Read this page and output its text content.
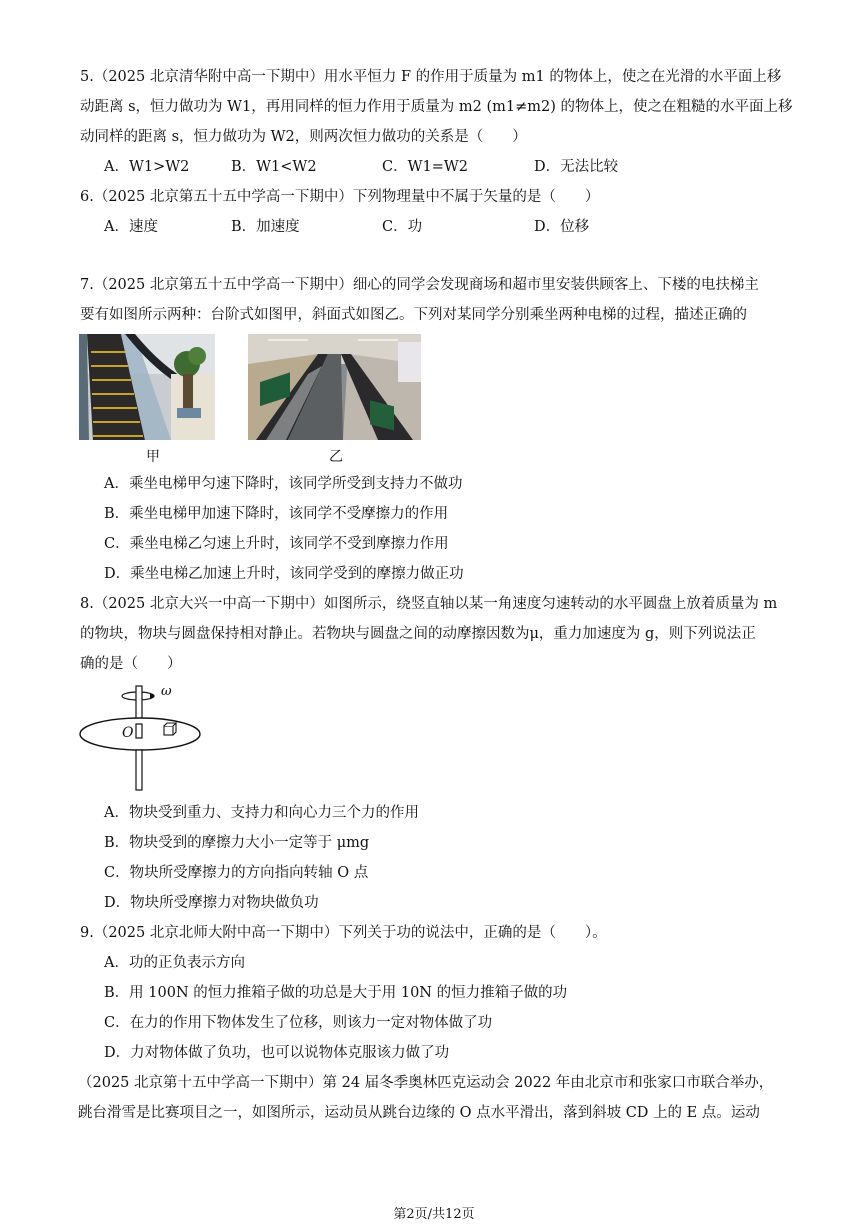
5.（2025 北京清华附中高一下期中）用水平恒力 F 的作用于质量为 m1 的物体上，使之在光滑的水平面上移
动距离 s，恒力做功为 W1，再用同样的恒力作用于质量为 m2 (m1≠m2) 的物体上，使之在粗糙的水平面上移
动同样的距离 s，恒力做功为 W2，则两次恒力做功的关系是（　　）
A．W1>W2	B．W1<W2	C．W1=W2	D．无法比较
6.（2025 北京第五十五中学高一下期中）下列物理量中不属于矢量的是（　　）
A．速度	B．加速度	C．功	D．位移
7.（2025 北京第五十五中学高一下期中）细心的同学会发现商场和超市里安装供顾客上、下楼的电扶梯主
要有如图所示两种：台阶式如图甲，斜面式如图乙。下列对某同学分别乘坐两种电梯的过程，描述正确的
甲	乙
A．乘坐电梯甲匀速下降时，该同学所受到支持力不做功
B．乘坐电梯甲加速下降时，该同学不受摩擦力的作用
C．乘坐电梯乙匀速上升时，该同学不受到摩擦力作用
D．乘坐电梯乙加速上升时，该同学受到的摩擦力做正功
8.（2025 北京大兴一中高一下期中）如图所示，绕竖直轴以某一角速度匀速转动的水平圆盘上放着质量为 m
的物块，物块与圆盘保持相对静止。若物块与圆盘之间的动摩擦因数为μ，重力加速度为 g，则下列说法正
确的是（　　）
ω
O
A．物块受到重力、支持力和向心力三个力的作用
B．物块受到的摩擦力大小一定等于 μmg
C．物块所受摩擦力的方向指向转轴 O 点
D．物块所受摩擦力对物块做负功
9.（2025 北京北师大附中高一下期中）下列关于功的说法中，正确的是（　　）。
A．功的正负表示方向
B．用 100N 的恒力推箱子做的功总是大于用 10N 的恒力推箱子做的功
C．在力的作用下物体发生了位移，则该力一定对物体做了功
D．力对物体做了负功，也可以说物体克服该力做了功
（2025 北京第十五中学高一下期中）第 24 届冬季奥林匹克运动会 2022 年由北京市和张家口市联合举办，
跳台滑雪是比赛项目之一，如图所示，运动员从跳台边缘的 O 点水平滑出，落到斜坡 CD 上的 E 点。运动
第2页/共12页
